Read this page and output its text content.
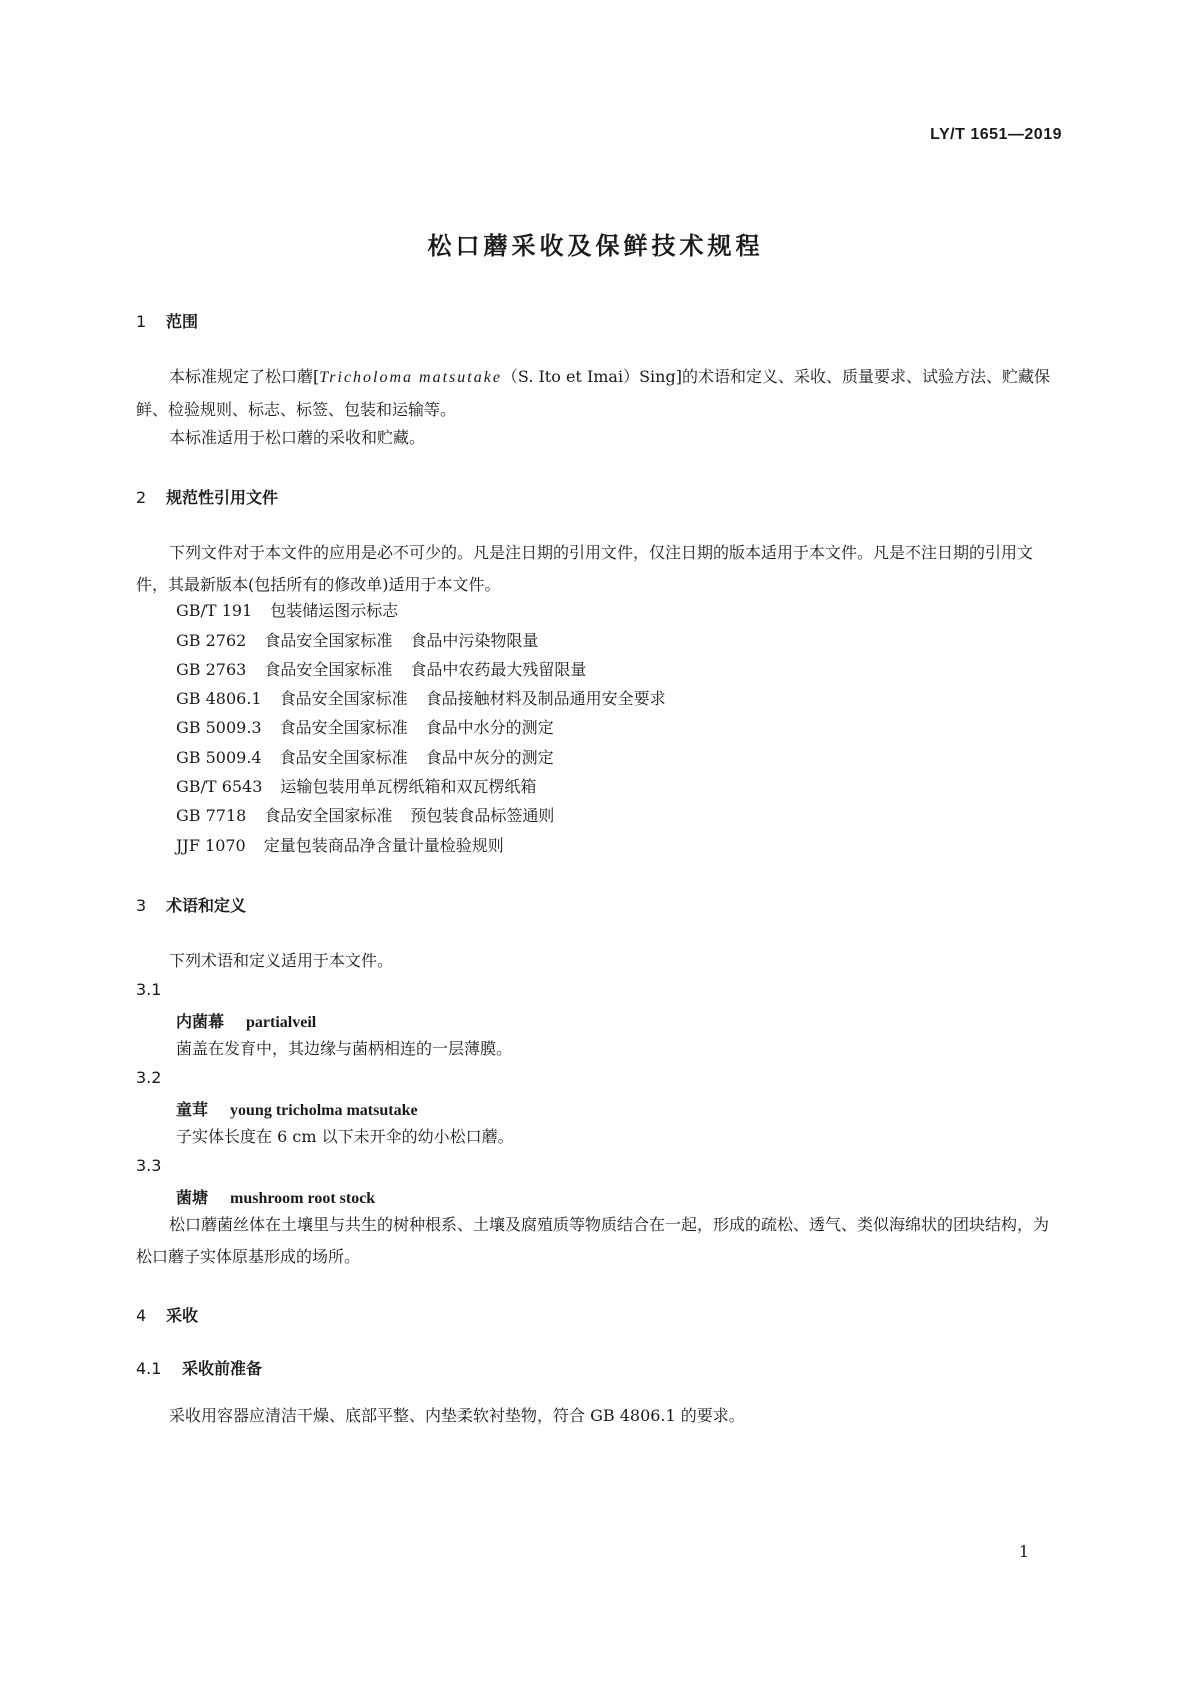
LY/T 1651—2019
松口蘑采收及保鲜技术规程
1 范围
本标准规定了松口蘑[Tricholoma matsutake（S. Ito et Imai）Sing]的术语和定义、采收、质量要求、试验方法、贮藏保鲜、检验规则、标志、标签、包装和运输等。
本标准适用于松口蘑的采收和贮藏。
2 规范性引用文件
下列文件对于本文件的应用是必不可少的。凡是注日期的引用文件，仅注日期的版本适用于本文件。凡是不注日期的引用文件，其最新版本(包括所有的修改单)适用于本文件。
GB/T 191 包装储运图示标志
GB 2762 食品安全国家标准 食品中污染物限量
GB 2763 食品安全国家标准 食品中农药最大残留限量
GB 4806.1 食品安全国家标准 食品接触材料及制品通用安全要求
GB 5009.3 食品安全国家标准 食品中水分的测定
GB 5009.4 食品安全国家标准 食品中灰分的测定
GB/T 6543 运输包装用单瓦楞纸箱和双瓦楞纸箱
GB 7718 食品安全国家标准 预包装食品标签通则
JJF 1070 定量包装商品净含量计量检验规则
3 术语和定义
下列术语和定义适用于本文件。
3.1
内菌幕 partialveil
菌盖在发育中，其边缘与菌柄相连的一层薄膜。
3.2
童茸 young tricholma matsutake
子实体长度在 6 cm 以下未开伞的幼小松口蘑。
3.3
菌塘 mushroom root stock
松口蘑菌丝体在土壤里与共生的树种根系、土壤及腐殖质等物质结合在一起，形成的疏松、透气、类似海绵状的团块结构，为松口蘑子实体原基形成的场所。
4 采收
4.1 采收前准备
采收用容器应清洁干燥、底部平整、内垫柔软衬垫物，符合 GB 4806.1 的要求。
1
